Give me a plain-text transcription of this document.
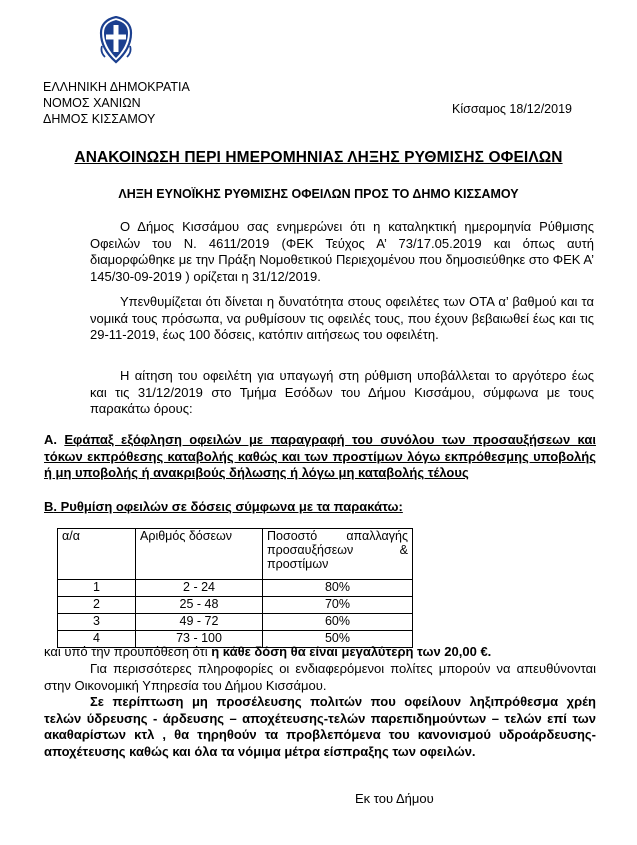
ΕΛΛΗΝΙΚΗ ΔΗΜΟΚΡΑΤΙΑ
ΝΟΜΟΣ ΧΑΝΙΩΝ
ΔΗΜΟΣ ΚΙΣΣΑΜΟΥ
Κίσσαμος 18/12/2019
ΑΝΑΚΟΙΝΩΣΗ ΠΕΡΙ ΗΜΕΡΟΜΗΝΙΑΣ ΛΗΞΗΣ ΡΥΘΜΙΣΗΣ ΟΦΕΙΛΩΝ
ΛΗΞΗ ΕΥΝΟΪΚΗΣ ΡΥΘΜΙΣΗΣ ΟΦΕΙΛΩΝ ΠΡΟΣ ΤΟ ΔΗΜΟ ΚΙΣΣΑΜΟΥ
Ο Δήμος Κισσάμου σας ενημερώνει ότι η καταληκτική ημερομηνία Ρύθμισης Οφειλών του Ν. 4611/2019 (ΦΕΚ Τεύχος Α’ 73/17.05.2019 και όπως αυτή διαμορφώθηκε με την Πράξη Νομοθετικού Περιεχομένου που δημοσιεύθηκε στο ΦΕΚ Α’ 145/30-09-2019 ) ορίζεται η 31/12/2019.
Υπενθυμίζεται ότι δίνεται η δυνατότητα στους οφειλέτες των ΟΤΑ α’ βαθμού και τα νομικά τους πρόσωπα, να ρυθμίσουν τις οφειλές τους, που έχουν βεβαιωθεί έως και τις 29-11-2019, έως 100 δόσεις, κατόπιν αιτήσεως του οφειλέτη.
Η αίτηση του οφειλέτη για υπαγωγή στη ρύθμιση υποβάλλεται το αργότερο έως και τις 31/12/2019 στο Τμήμα Εσόδων του Δήμου Κισσάμου, σύμφωνα με τους παρακάτω όρους:
Α. Εφάπαξ εξόφληση οφειλών με παραγραφή του συνόλου των προσαυξήσεων και τόκων εκπρόθεσης καταβολής καθώς και των προστίμων λόγω εκπρόθεσμης υποβολής ή μη υποβολής ή ανακριβούς δήλωσης ή λόγω μη καταβολής τέλους
Β. Ρυθμίση οφειλών σε δόσεις σύμφωνα με τα παρακάτω:
α/α	Αριθμός δόσεων	Ποσοστό απαλλαγής προσαυξήσεων & προστίμων
1	2 - 24	80%
2	25 - 48	70%
3	49 - 72	60%
4	73 - 100	50%
και υπό την προϋπόθεση ότι η κάθε δόση θα είναι μεγαλύτερη των 20,00 €.
Για περισσότερες πληροφορίες οι ενδιαφερόμενοι πολίτες μπορούν να απευθύνονται στην Οικονομική Υπηρεσία του Δήμου Κισσάμου.
Σε περίπτωση μη προσέλευσης πολιτών που οφείλουν ληξιπρόθεσμα χρέη τελών ύδρευσης - άρδευσης – αποχέτευσης-τελών παρεπιδημούντων – τελών επί των ακαθαρίστων κτλ , θα τηρηθούν τα προβλεπόμενα του κανονισμού υδροάρδευσης-αποχέτευσης καθώς και όλα τα νόμιμα μέτρα είσπραξης των οφειλών.
Εκ του Δήμου
